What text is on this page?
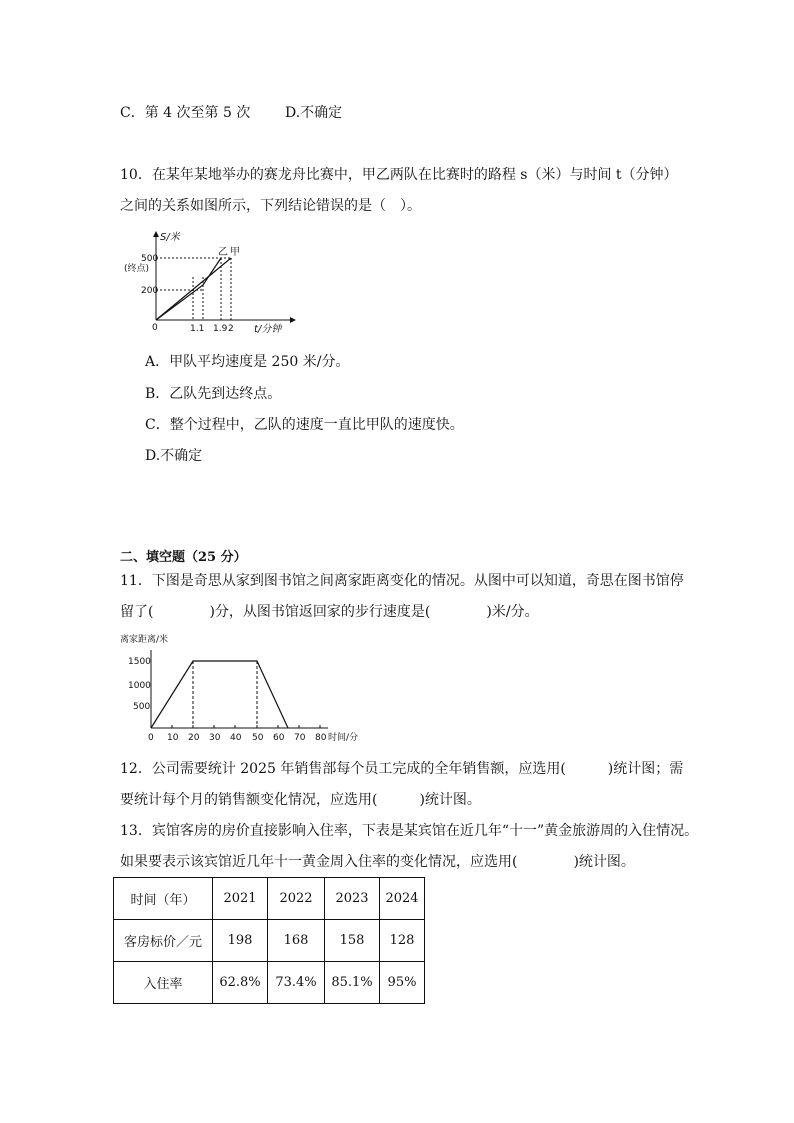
C．第 4 次至第 5 次 D.不确定
10．在某年某地举办的赛龙舟比赛中，甲乙两队在比赛时的路程 s（米）与时间 t（分钟）
之间的关系如图所示，下列结论错误的是（　）。
S/米
t/分钟
500
(终点)
200
0	1.1 1.9 2
乙 甲
A．甲队平均速度是 250 米/分。
B．乙队先到达终点。
C．整个过程中，乙队的速度一直比甲队的速度快。
D.不确定
二、填空题（25 分）
11．下图是奇思从家到图书馆之间离家距离变化的情况。从图中可以知道，奇思在图书馆停
留了(　　　　)分，从图书馆返回家的步行速度是(　　　　)米/分。
离家距离/米
1500
1000
500
0 10 20 30 40 50 60 70 80 时间/分
12．公司需要统计 2025 年销售部每个员工完成的全年销售额，应选用(　　　)统计图；需
要统计每个月的销售额变化情况，应选用(　　　)统计图。
13．宾馆客房的房价直接影响入住率，下表是某宾馆在近几年“十一”黄金旅游周的入住情况。
如果要表示该宾馆近几年十一黄金周入住率的变化情况，应选用(　　　　)统计图。
时间（年）	2021	2022	2023	2024
客房标价／元	198	168	158	128
入住率	62.8%	73.4%	85.1%	95%
